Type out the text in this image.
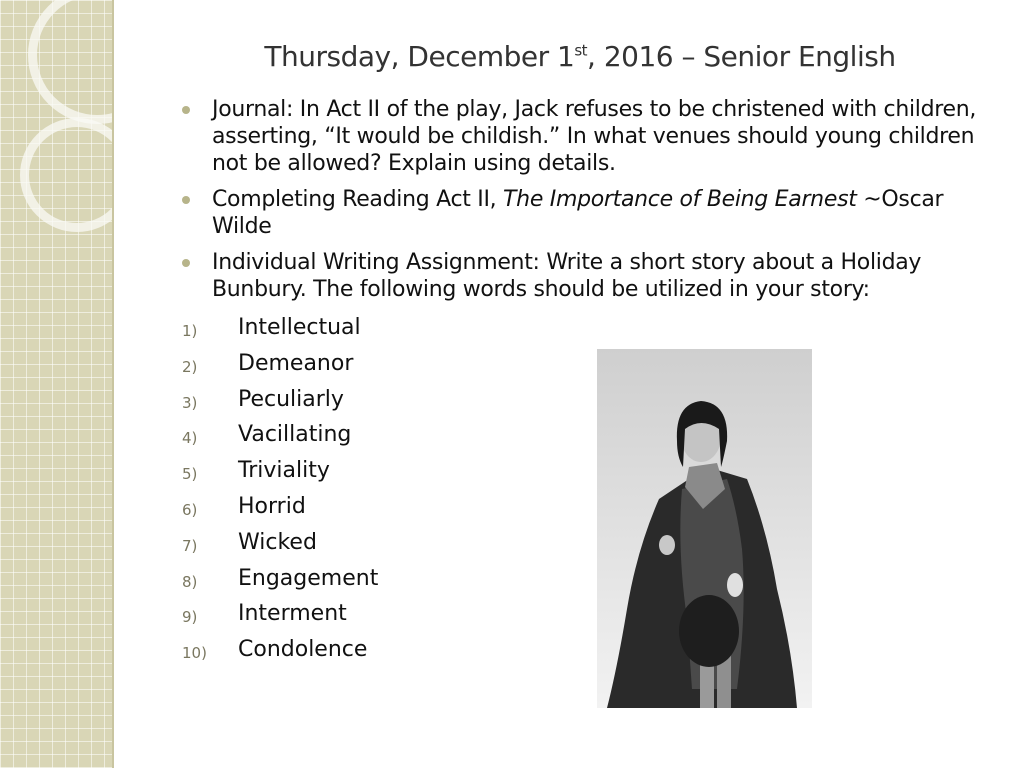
Thursday, December 1st, 2016 – Senior English
Journal: In Act II of the play, Jack refuses to be christened with children, asserting, “It would be childish.” In what venues should young children not be allowed? Explain using details.
Completing Reading Act II, The Importance of Being Earnest ~Oscar Wilde
Individual Writing Assignment: Write a short story about a Holiday Bunbury. The following words should be utilized in your story:
1) Intellectual
2) Demeanor
3) Peculiarly
4) Vacillating
5) Triviality
6) Horrid
7) Wicked
8) Engagement
9) Interment
10) Condolence
